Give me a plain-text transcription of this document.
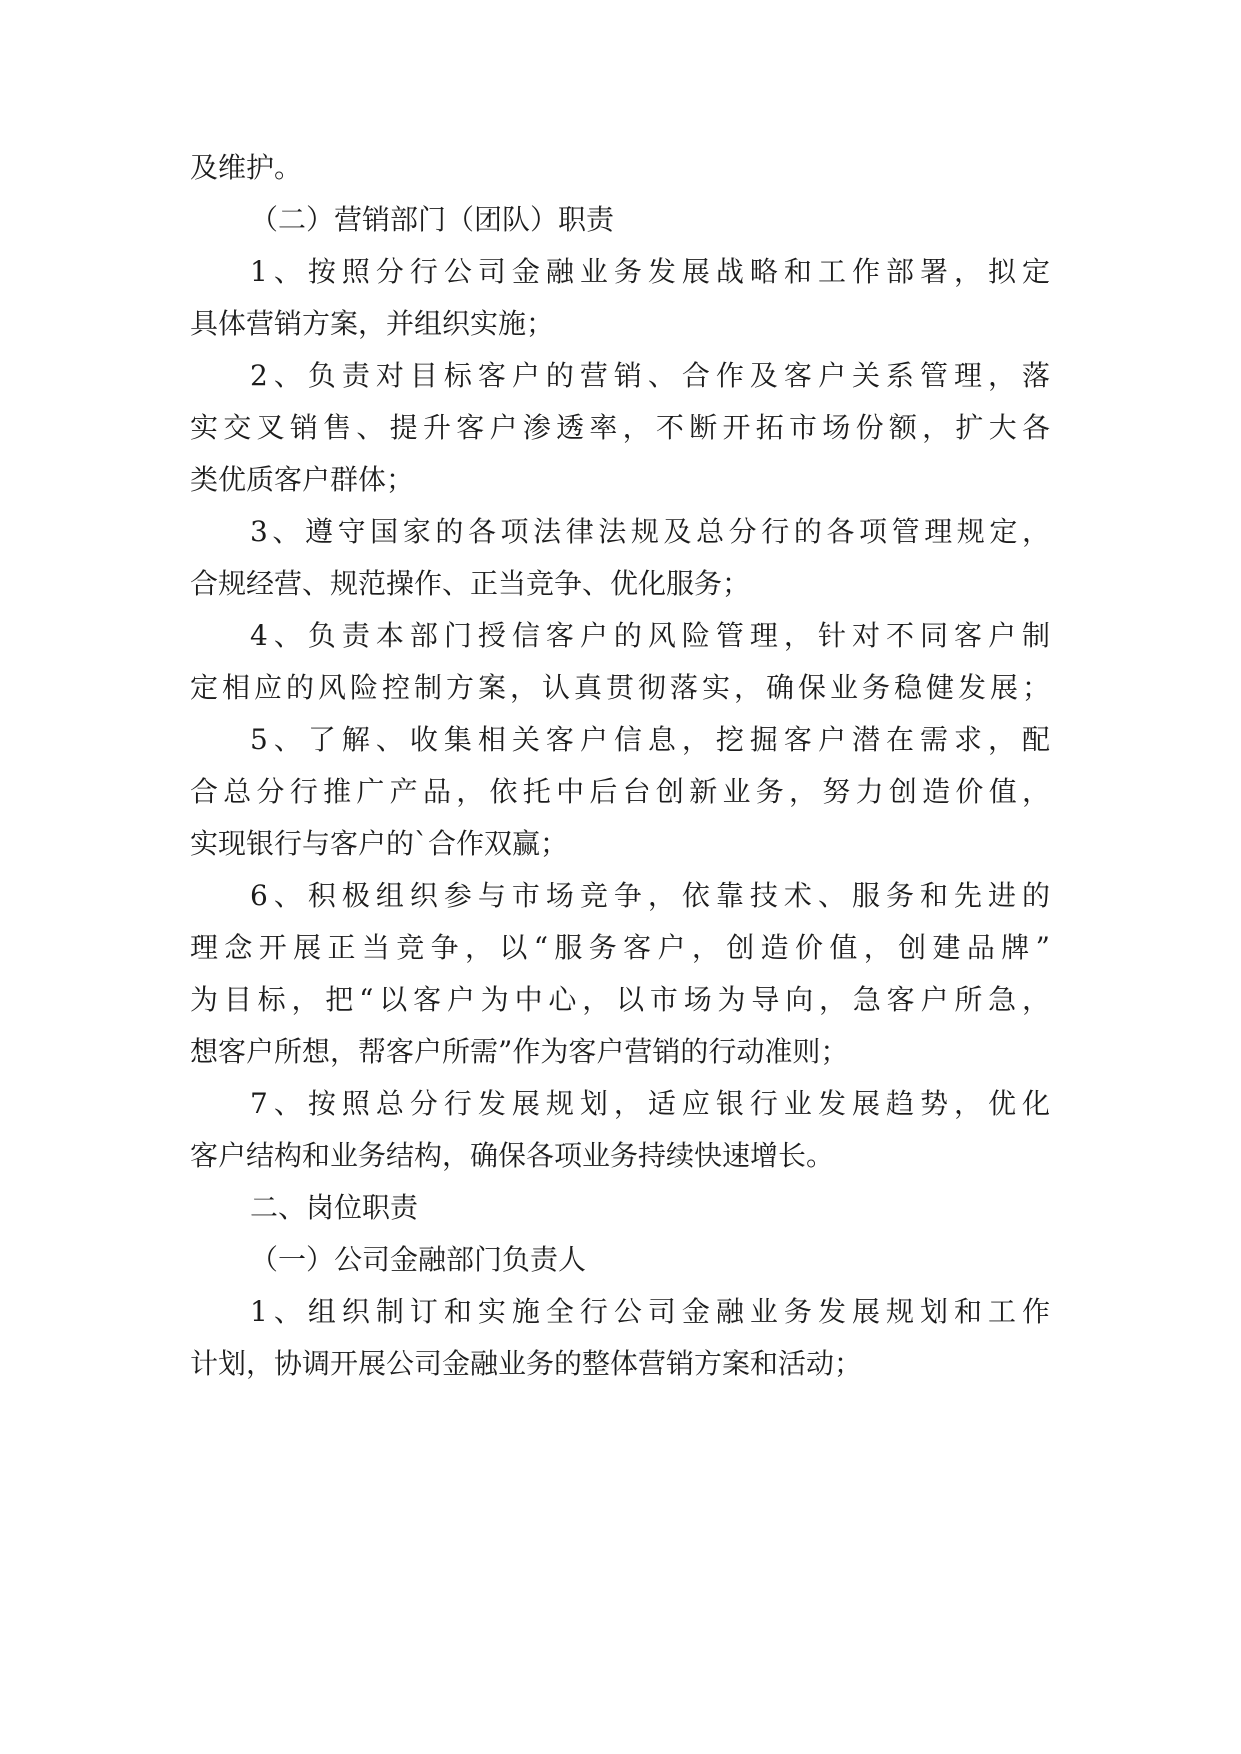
及维护。

（二）营销部门（团队）职责

1、按照分行公司金融业务发展战略和工作部署，拟定

具体营销方案，并组织实施；

2、负责对目标客户的营销、合作及客户关系管理，落

实交叉销售、提升客户渗透率，不断开拓市场份额，扩大各

类优质客户群体；

3、遵守国家的各项法律法规及总分行的各项管理规定，

合规经营、规范操作、正当竞争、优化服务；

4、负责本部门授信客户的风险管理，针对不同客户制

定相应的风险控制方案，认真贯彻落实，确保业务稳健发展；

5、了解、收集相关客户信息，挖掘客户潜在需求，配

合总分行推广产品，依托中后台创新业务，努力创造价值，

实现银行与客户的`合作双赢；

6、积极组织参与市场竞争，依靠技术、服务和先进的

理念开展正当竞争，以“服务客户，创造价值，创建品牌”

为目标，把“以客户为中心，以市场为导向，急客户所急，

想客户所想，帮客户所需”作为客户营销的行动准则；

7、按照总分行发展规划，适应银行业发展趋势，优化

客户结构和业务结构，确保各项业务持续快速增长。

二、岗位职责

（一）公司金融部门负责人

1、组织制订和实施全行公司金融业务发展规划和工作

计划，协调开展公司金融业务的整体营销方案和活动；
